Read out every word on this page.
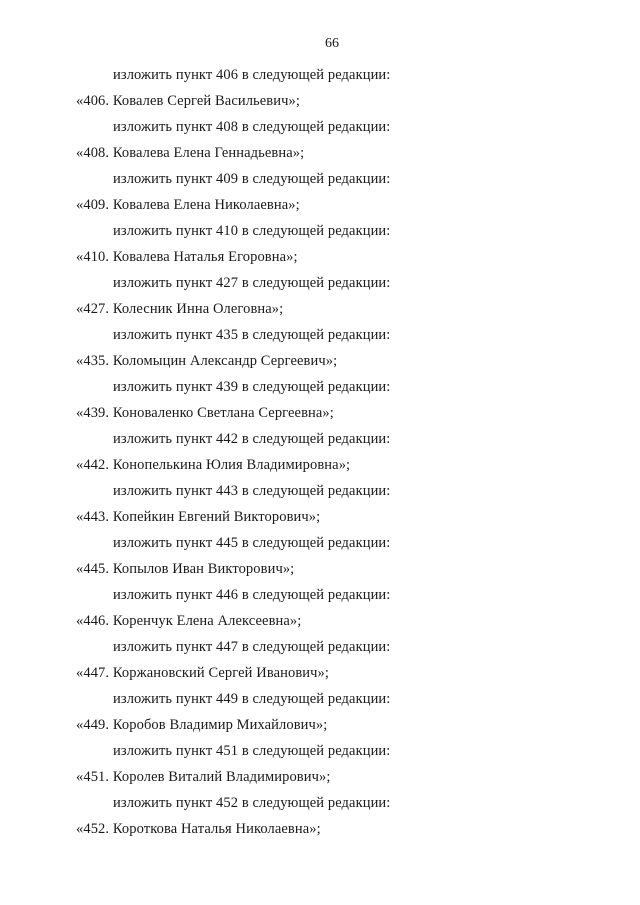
66
изложить пункт 406 в следующей редакции:
«406. Ковалев Сергей Васильевич»;
изложить пункт 408 в следующей редакции:
«408. Ковалева Елена Геннадьевна»;
изложить пункт 409 в следующей редакции:
«409. Ковалева Елена Николаевна»;
изложить пункт 410 в следующей редакции:
«410. Ковалева Наталья Егоровна»;
изложить пункт 427 в следующей редакции:
«427. Колесник Инна Олеговна»;
изложить пункт 435 в следующей редакции:
«435. Коломыцин Александр Сергеевич»;
изложить пункт 439 в следующей редакции:
«439. Коноваленко Светлана Сергеевна»;
изложить пункт 442 в следующей редакции:
«442. Конопелькина Юлия Владимировна»;
изложить пункт 443 в следующей редакции:
«443. Копейкин Евгений Викторович»;
изложить пункт 445 в следующей редакции:
«445. Копылов Иван Викторович»;
изложить пункт 446 в следующей редакции:
«446. Коренчук Елена Алексеевна»;
изложить пункт 447 в следующей редакции:
«447. Коржановский Сергей Иванович»;
изложить пункт 449 в следующей редакции:
«449. Коробов Владимир Михайлович»;
изложить пункт 451 в следующей редакции:
«451. Королев Виталий Владимирович»;
изложить пункт 452 в следующей редакции:
«452. Короткова Наталья Николаевна»;
